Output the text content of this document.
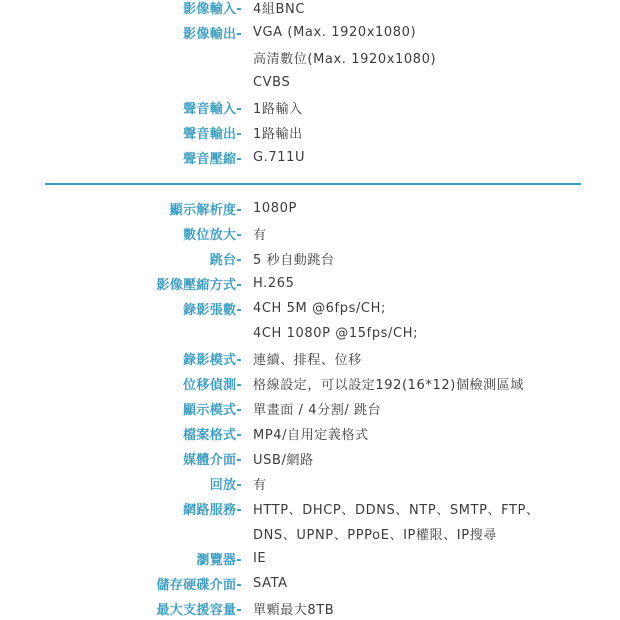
影像輸入- 4組BNC
影像輸出- VGA (Max. 1920x1080)
高清數位(Max. 1920x1080)
CVBS
聲音輸入- 1路輸入
聲音輸出- 1路輸出
聲音壓縮- G.711U
顯示解析度- 1080P
數位放大- 有
跳台- 5 秒自動跳台
影像壓縮方式- H.265
錄影張數- 4CH 5M @6fps/CH;
4CH 1080P @15fps/CH;
錄影模式- 連續、排程、位移
位移偵測- 格線設定，可以設定192(16*12)個檢測區域
顯示模式- 單畫面 / 4分割/ 跳台
檔案格式- MP4/自用定義格式
媒體介面- USB/網路
回放- 有
網路服務- HTTP、DHCP、DDNS、NTP、SMTP、FTP、
DNS、UPNP、PPPoE、IP權限、IP搜尋
瀏覽器- IE
儲存硬碟介面- SATA
最大支援容量- 單顆最大8TB
